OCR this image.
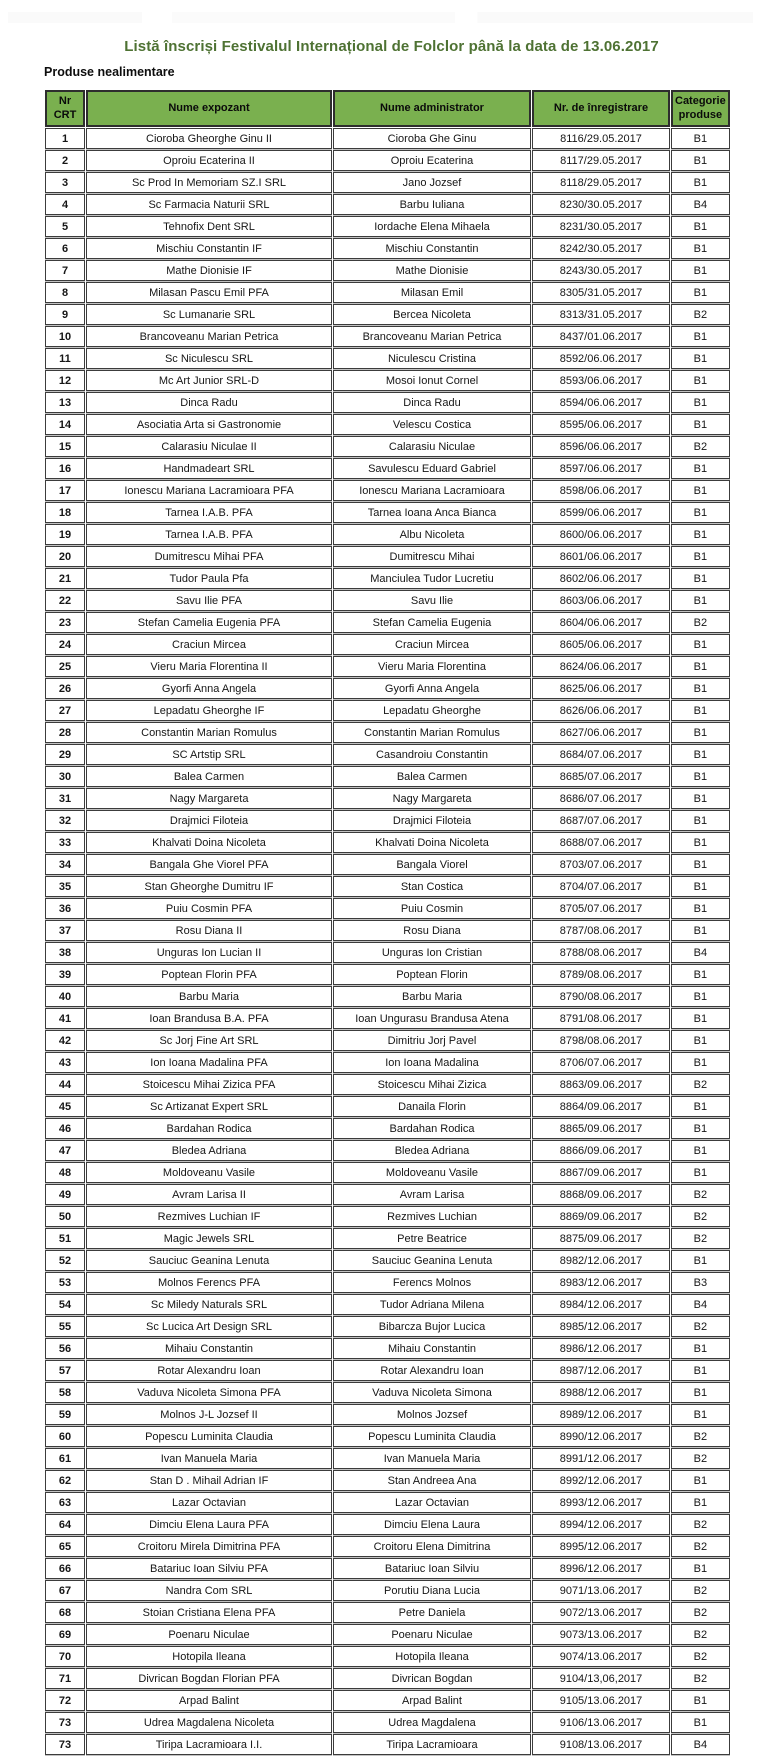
Listă înscriși Festivalul Internațional de Folclor până la data de 13.06.2017
Produse nealimentare
Nr CRT	Nume expozant	Nume administrator	Nr. de înregistrare	Categorie produse
1	Cioroba Gheorghe Ginu II	Cioroba Ghe Ginu	8116/29.05.2017	B1
2	Oproiu Ecaterina II	Oproiu Ecaterina	8117/29.05.2017	B1
3	Sc Prod In Memoriam SZ.I SRL	Jano Jozsef	8118/29.05.2017	B1
4	Sc Farmacia Naturii SRL	Barbu Iuliana	8230/30.05.2017	B4
5	Tehnofix Dent SRL	Iordache Elena Mihaela	8231/30.05.2017	B1
6	Mischiu Constantin IF	Mischiu Constantin	8242/30.05.2017	B1
7	Mathe Dionisie IF	Mathe Dionisie	8243/30.05.2017	B1
8	Milasan Pascu Emil PFA	Milasan Emil	8305/31.05.2017	B1
9	Sc Lumanarie SRL	Bercea Nicoleta	8313/31.05.2017	B2
10	Brancoveanu Marian Petrica	Brancoveanu Marian Petrica	8437/01.06.2017	B1
11	Sc Niculescu SRL	Niculescu Cristina	8592/06.06.2017	B1
12	Mc Art Junior SRL-D	Mosoi Ionut Cornel	8593/06.06.2017	B1
13	Dinca Radu	Dinca Radu	8594/06.06.2017	B1
14	Asociatia Arta si Gastronomie	Velescu Costica	8595/06.06.2017	B1
15	Calarasiu Niculae II	Calarasiu Niculae	8596/06.06.2017	B2
16	Handmadeart SRL	Savulescu Eduard Gabriel	8597/06.06.2017	B1
17	Ionescu Mariana Lacramioara PFA	Ionescu Mariana Lacramioara	8598/06.06.2017	B1
18	Tarnea I.A.B. PFA	Tarnea Ioana Anca Bianca	8599/06.06.2017	B1
19	Tarnea I.A.B. PFA	Albu Nicoleta	8600/06.06.2017	B1
20	Dumitrescu Mihai PFA	Dumitrescu Mihai	8601/06.06.2017	B1
21	Tudor Paula Pfa	Manciulea Tudor Lucretiu	8602/06.06.2017	B1
22	Savu Ilie PFA	Savu Ilie	8603/06.06.2017	B1
23	Stefan Camelia Eugenia PFA	Stefan Camelia Eugenia	8604/06.06.2017	B2
24	Craciun Mircea	Craciun Mircea	8605/06.06.2017	B1
25	Vieru Maria Florentina II	Vieru Maria Florentina	8624/06.06.2017	B1
26	Gyorfi Anna Angela	Gyorfi Anna Angela	8625/06.06.2017	B1
27	Lepadatu Gheorghe IF	Lepadatu Gheorghe	8626/06.06.2017	B1
28	Constantin Marian Romulus	Constantin Marian Romulus	8627/06.06.2017	B1
29	SC Artstip SRL	Casandroiu Constantin	8684/07.06.2017	B1
30	Balea Carmen	Balea Carmen	8685/07.06.2017	B1
31	Nagy Margareta	Nagy Margareta	8686/07.06.2017	B1
32	Drajmici Filoteia	Drajmici Filoteia	8687/07.06.2017	B1
33	Khalvati Doina Nicoleta	Khalvati Doina Nicoleta	8688/07.06.2017	B1
34	Bangala Ghe Viorel PFA	Bangala Viorel	8703/07.06.2017	B1
35	Stan Gheorghe Dumitru IF	Stan Costica	8704/07.06.2017	B1
36	Puiu Cosmin PFA	Puiu Cosmin	8705/07.06.2017	B1
37	Rosu Diana II	Rosu Diana	8787/08.06.2017	B1
38	Unguras Ion Lucian II	Unguras Ion Cristian	8788/08.06.2017	B4
39	Poptean Florin PFA	Poptean Florin	8789/08.06.2017	B1
40	Barbu Maria	Barbu Maria	8790/08.06.2017	B1
41	Ioan Brandusa B.A. PFA	Ioan Ungurasu Brandusa Atena	8791/08.06.2017	B1
42	Sc Jorj Fine Art SRL	Dimitriu Jorj Pavel	8798/08.06.2017	B1
43	Ion Ioana Madalina PFA	Ion Ioana Madalina	8706/07.06.2017	B1
44	Stoicescu Mihai Zizica PFA	Stoicescu Mihai Zizica	8863/09.06.2017	B2
45	Sc Artizanat Expert SRL	Danaila Florin	8864/09.06.2017	B1
46	Bardahan Rodica	Bardahan Rodica	8865/09.06.2017	B1
47	Bledea Adriana	Bledea Adriana	8866/09.06.2017	B1
48	Moldoveanu Vasile	Moldoveanu Vasile	8867/09.06.2017	B1
49	Avram Larisa II	Avram Larisa	8868/09.06.2017	B2
50	Rezmives Luchian IF	Rezmives Luchian	8869/09.06.2017	B2
51	Magic Jewels SRL	Petre Beatrice	8875/09.06.2017	B2
52	Sauciuc Geanina Lenuta	Sauciuc Geanina Lenuta	8982/12.06.2017	B1
53	Molnos Ferencs PFA	Ferencs Molnos	8983/12.06.2017	B3
54	Sc Miledy Naturals SRL	Tudor Adriana Milena	8984/12.06.2017	B4
55	Sc Lucica Art Design SRL	Bibarcza Bujor Lucica	8985/12.06.2017	B2
56	Mihaiu Constantin	Mihaiu Constantin	8986/12.06.2017	B1
57	Rotar Alexandru Ioan	Rotar Alexandru Ioan	8987/12.06.2017	B1
58	Vaduva Nicoleta Simona PFA	Vaduva Nicoleta Simona	8988/12.06.2017	B1
59	Molnos J-L Jozsef II	Molnos Jozsef	8989/12.06.2017	B1
60	Popescu Luminita Claudia	Popescu Luminita Claudia	8990/12.06.2017	B2
61	Ivan Manuela Maria	Ivan Manuela Maria	8991/12.06.2017	B2
62	Stan D . Mihail Adrian IF	Stan Andreea Ana	8992/12.06.2017	B1
63	Lazar Octavian	Lazar Octavian	8993/12.06.2017	B1
64	Dimciu Elena Laura PFA	Dimciu Elena Laura	8994/12.06.2017	B2
65	Croitoru Mirela Dimitrina PFA	Croitoru Elena Dimitrina	8995/12.06.2017	B2
66	Batariuc Ioan Silviu PFA	Batariuc Ioan Silviu	8996/12.06.2017	B1
67	Nandra Com SRL	Porutiu Diana Lucia	9071/13.06.2017	B2
68	Stoian Cristiana Elena PFA	Petre Daniela	9072/13.06.2017	B2
69	Poenaru Niculae	Poenaru Niculae	9073/13.06.2017	B2
70	Hotopila Ileana	Hotopila Ileana	9074/13.06.2017	B2
71	Divrican Bogdan Florian PFA	Divrican Bogdan	9104/13,06,2017	B2
72	Arpad Balint	Arpad Balint	9105/13.06.2017	B1
73	Udrea Magdalena Nicoleta	Udrea Magdalena	9106/13.06.2017	B1
73	Tiripa Lacramioara I.I.	Tiripa Lacramioara	9108/13.06.2017	B4
